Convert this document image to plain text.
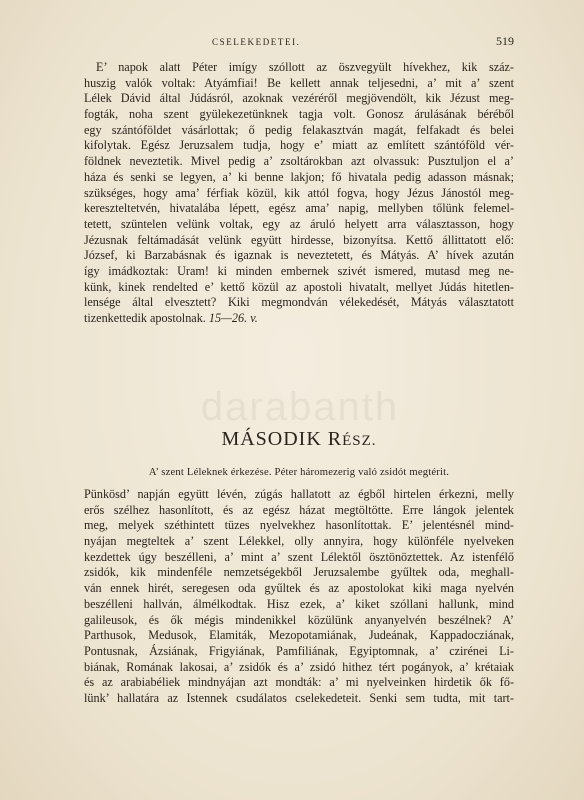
CSELEKEDETEI.	519
E’ napok alatt Péter imígy szóllott az öszvegyült hívekhez, kik száz-
huszig valók voltak: Atyámfiai! Be kellett annak teljesedni, a’ mit a’ szent
Lélek Dávid által Júdásról, azoknak vezéréről megjövendölt, kik Jézust meg-
fogták, noha szent gyülekezetünknek tagja volt. Gonosz árulásának béréből
egy szántóföldet vásárlottak; ő pedig felakasztván magát, felfakadt és belei
kifolytak. Egész Jeruzsalem tudja, hogy e’ miatt az említett szántóföld vér-
földnek neveztetik. Mivel pedig a’ zsoltárokban azt olvassuk: Pusztuljon el a’
háza és senki se legyen, a’ ki benne lakjon; fő hivatala pedig adasson másnak;
szükséges, hogy ama’ férfiak közül, kik attól fogva, hogy Jézus Jánostól meg-
kereszteltetvén, hivatalába lépett, egész ama’ napig, mellyben tőlünk felemel-
tetett, szüntelen velünk voltak, egy az áruló helyett arra választasson, hogy
Jézusnak feltámadását velünk együtt hirdesse, bizonyítsa. Kettő állittatott elő:
József, ki Barzabásnak és igaznak is neveztetett, és Mátyás. A’ hívek azután
így imádkoztak: Uram! ki minden embernek szivét ismered, mutasd meg ne-
künk, kinek rendelted e’ kettő közül az apostoli hivatalt, mellyet Júdás hitetlen-
lensége által elvesztett? Kiki megmondván vélekedését, Mátyás választatott
tizenkettedik apostolnak. 15—26. v.
darabanth
MÁSODIK RÉSZ.
A’ szent Léleknek érkezése. Péter háromezerig való zsidót megtérit.
Pünkösd’ napján együtt lévén, zúgás hallatott az égből hirtelen érkezni, melly
erős szélhez hasonlított, és az egész házat megtöltötte. Erre lángok jelentek
meg, melyek széthintett tüzes nyelvekhez hasonlítottak. E’ jelentésnél mind-
nyájan megteltek a’ szent Lélekkel, olly annyira, hogy különféle nyelveken
kezdettek úgy beszélleni, a’ mint a’ szent Lélektől ösztönöztettek. Az istenfélő
zsidók, kik mindenféle nemzetségekből Jeruzsalembe gyűltek oda, meghall-
ván ennek hirét, seregesen oda gyűltek és az apostolokat kiki maga nyelvén
beszélleni hallván, álmélkodtak. Hisz ezek, a’ kiket szóllani hallunk, mind
galileusok, és ők mégis mindenikkel közülünk anyanyelvén beszélnek? A’
Parthusok, Medusok, Elamiták, Mezopotamiának, Judeának, Kappadocziának,
Pontusnak, Ázsiának, Frigyiának, Pamfiliának, Egyiptomnak, a’ czirénei Li-
biának, Romának lakosai, a’ zsidók és a’ zsidó hithez tért pogányok, a’ krétaiak
és az arabiabéliek mindnyájan azt mondták: a’ mi nyelveinken hirdetik ők fő-
lünk’ hallatára az Istennek csudálatos cselekedeteit. Senki sem tudta, mit tart-
